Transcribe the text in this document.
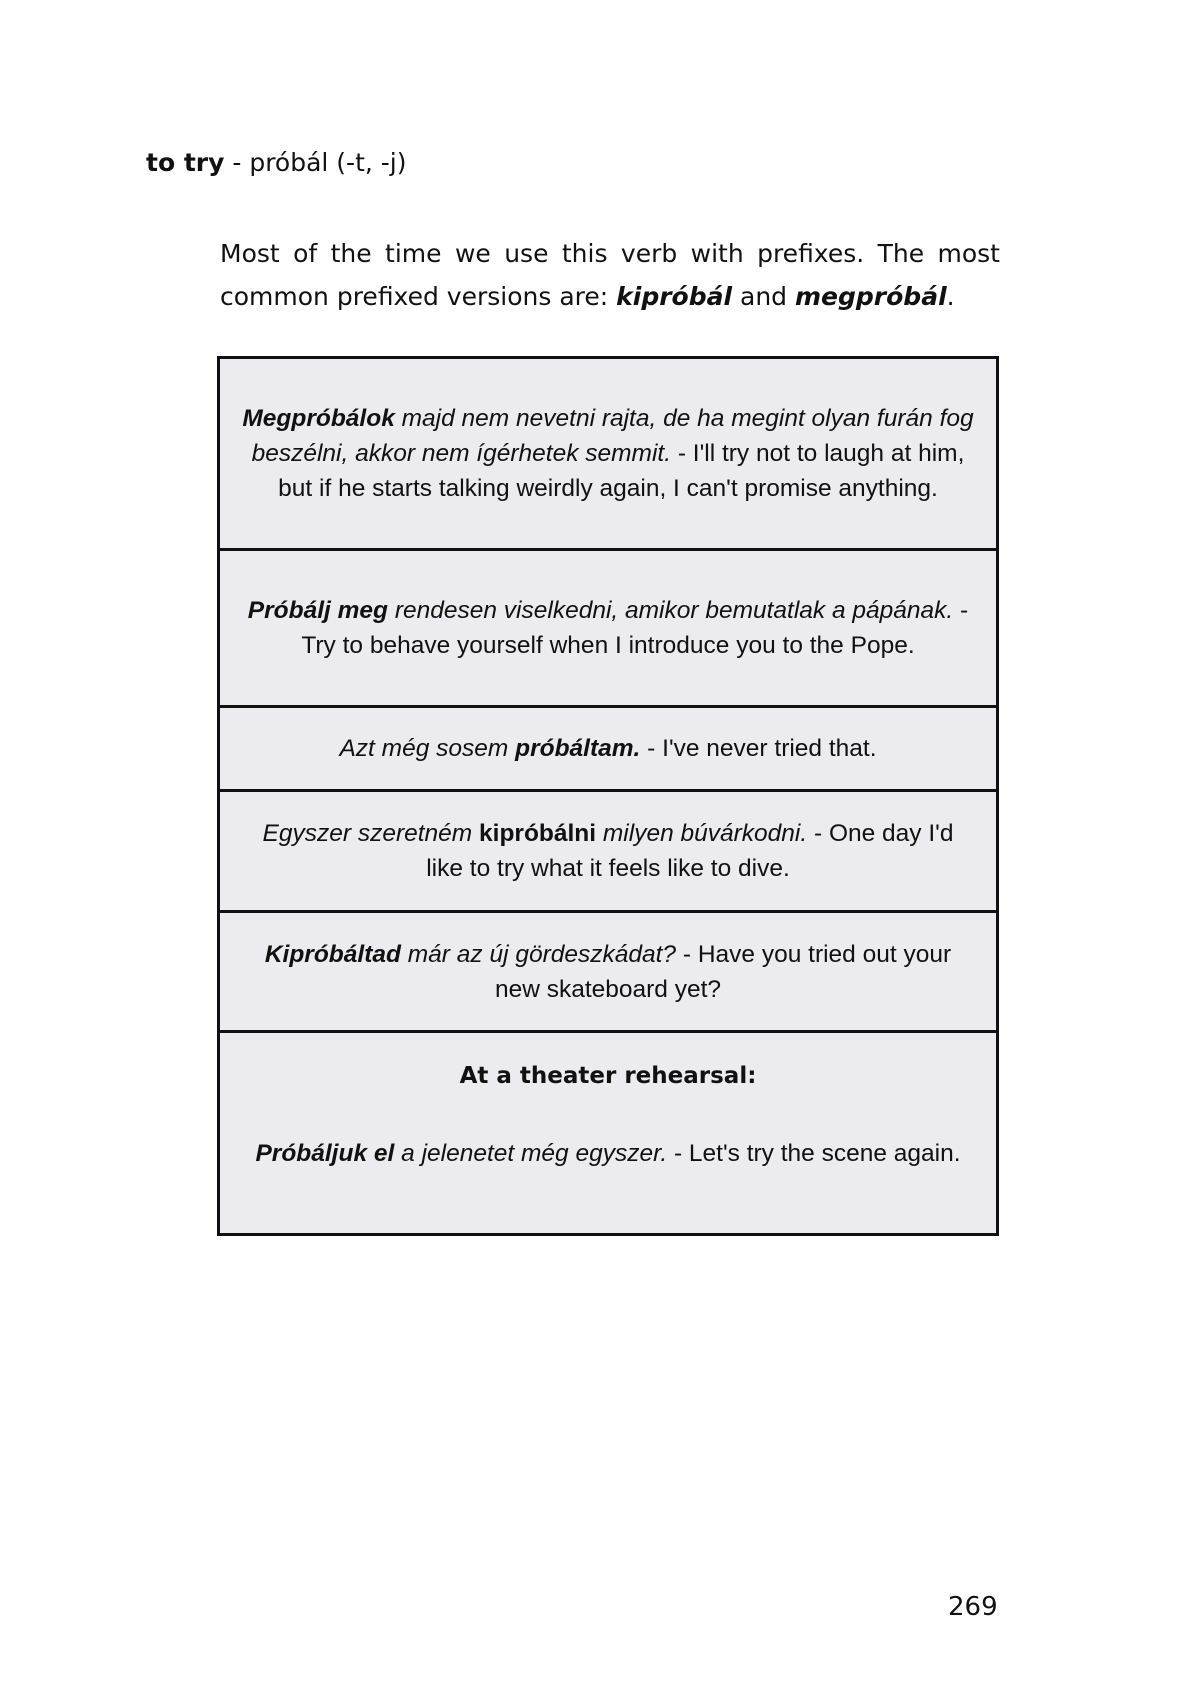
to try - próbál (-t, -j)
Most of the time we use this verb with prefixes. The most common prefixed versions are: kipróbál and megpróbál.

Megpróbálok majd nem nevetni rajta, de ha megint olyan furán fog beszélni, akkor nem ígérhetek semmit. - I'll try not to laugh at him, but if he starts talking weirdly again, I can't promise anything.

Próbálj meg rendesen viselkedni, amikor bemutatlak a pápának. - Try to behave yourself when I introduce you to the Pope.

Azt még sosem próbáltam. - I've never tried that.

Egyszer szeretném kipróbálni milyen búvárkodni. - One day I'd like to try what it feels like to dive.

Kipróbáltad már az új gördeszkádat? - Have you tried out your new skateboard yet?

At a theater rehearsal:

Próbáljuk el a jelenetet még egyszer. - Let's try the scene again.

269
